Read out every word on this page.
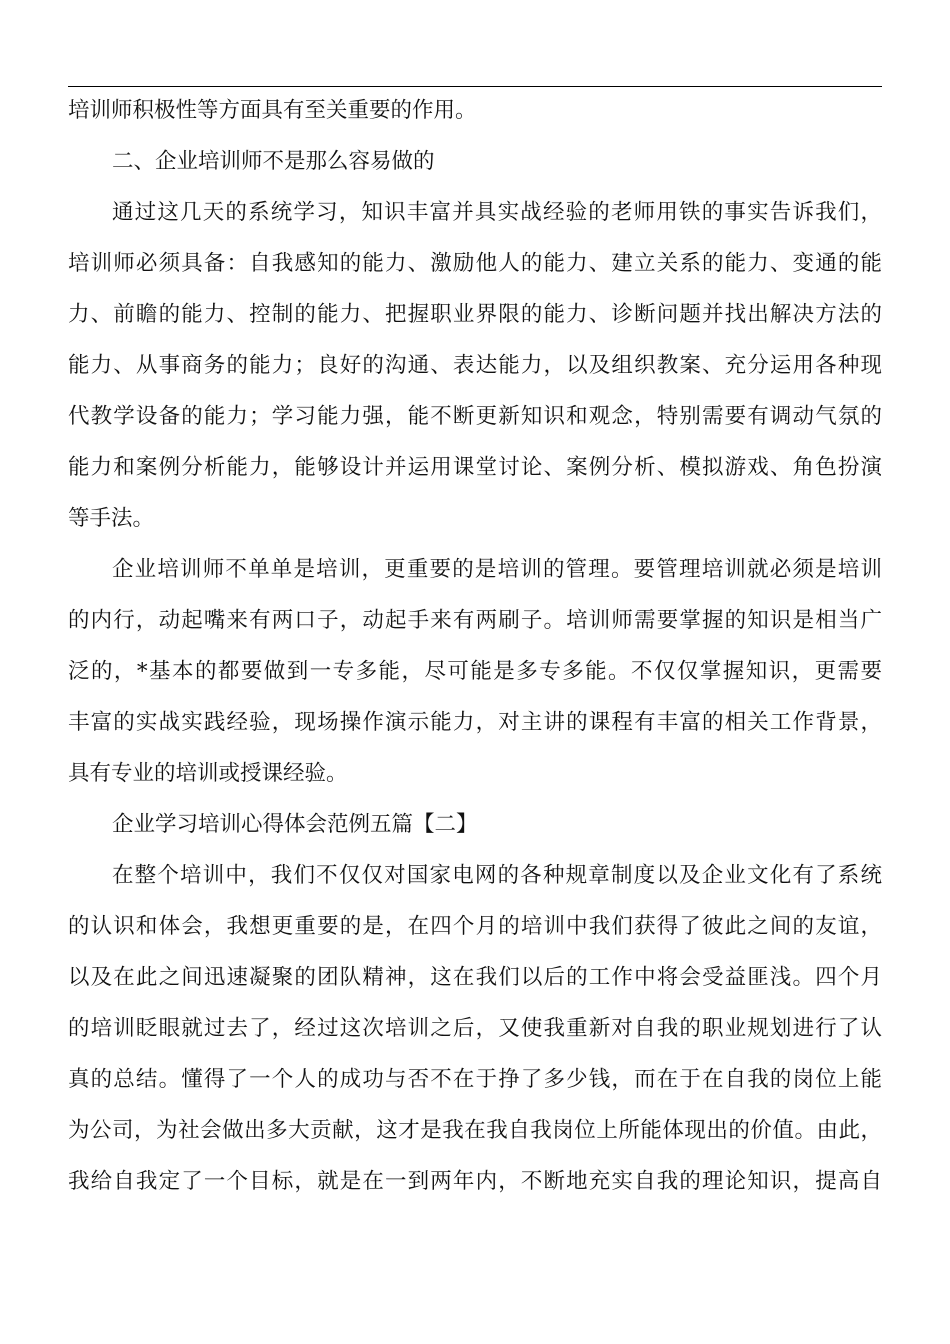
培训师积极性等方面具有至关重要的作用。
二、企业培训师不是那么容易做的
通过这几天的系统学习，知识丰富并具实战经验的老师用铁的事实告诉我们，
培训师必须具备：自我感知的能力、激励他人的能力、建立关系的能力、变通的能
力、前瞻的能力、控制的能力、把握职业界限的能力、诊断问题并找出解决方法的
能力、从事商务的能力；良好的沟通、表达能力，以及组织教案、充分运用各种现
代教学设备的能力；学习能力强，能不断更新知识和观念，特别需要有调动气氛的
能力和案例分析能力，能够设计并运用课堂讨论、案例分析、模拟游戏、角色扮演
等手法。
企业培训师不单单是培训，更重要的是培训的管理。要管理培训就必须是培训
的内行，动起嘴来有两口子，动起手来有两刷子。培训师需要掌握的知识是相当广
泛的，*基本的都要做到一专多能，尽可能是多专多能。不仅仅掌握知识，更需要
丰富的实战实践经验，现场操作演示能力，对主讲的课程有丰富的相关工作背景，
具有专业的培训或授课经验。
企业学习培训心得体会范例五篇【二】
在整个培训中，我们不仅仅对国家电网的各种规章制度以及企业文化有了系统
的认识和体会，我想更重要的是，在四个月的培训中我们获得了彼此之间的友谊，
以及在此之间迅速凝聚的团队精神，这在我们以后的工作中将会受益匪浅。四个月
的培训眨眼就过去了，经过这次培训之后，又使我重新对自我的职业规划进行了认
真的总结。懂得了一个人的成功与否不在于挣了多少钱，而在于在自我的岗位上能
为公司，为社会做出多大贡献，这才是我在我自我岗位上所能体现出的价值。由此，
我给自我定了一个目标，就是在一到两年内，不断地充实自我的理论知识，提高自
